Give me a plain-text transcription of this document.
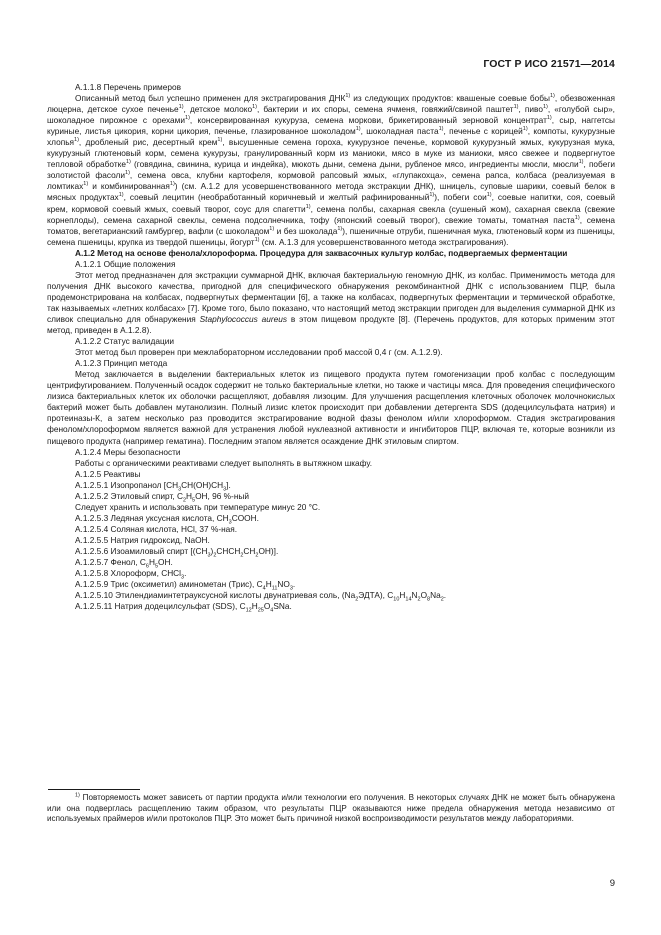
ГОСТ Р ИСО 21571—2014

А.1.1.8 Перечень примеров

Описанный метод был успешно применен для экстрагирования ДНК$^{1)}$ из следующих продуктов: квашеные соевые бобы$^{1)}$, обезвоженная люцерна, детское сухое печенье$^{1)}$, детское молоко$^{1)}$, бактерии и их споры, семена ячменя, говяжий/свиной паштет$^{1)}$, пиво$^{1)}$, «голубой сыр», шоколадное пирожное с орехами$^{1)}$, консервированная кукуруза, семена моркови, брикетированный зерновой концентрат$^{1)}$, сыр, наггетсы куриные, листья цикория, корни цикория, печенье, глазированное шоколадом$^{1)}$, шоколадная паста$^{1)}$, печенье с корицей$^{1)}$, компоты, кукурузные хлопья$^{1)}$, дробленый рис, десертный крем$^{1)}$, высушенные семена гороха, кукурузное печенье, кормовой кукурузный жмых, кукурузная мука, кукурузный глютеновый корм, семена кукурузы, гранулированный корм из маниоки, мясо в муке из маниоки, мясо свежее и подвергнутое тепловой обработке$^{1)}$ (говядина, свинина, курица и индейка), мюкоть дыни, семена дыни, рубленое мясо, ингредиенты мюсли, мюсли$^{1)}$, побеги золотистой фасоли$^{1)}$, семена овса, клубни картофеля, кормовой рапсовый жмых, «глупакохца», семена рапса, колбаса (реализуемая в ломтиках$^{1)}$ и комбинированная$^{1)}$) (см. А.1.2 для усовершенствованного метода экстракции ДНК), шницель, суповые шарики, соевый белок в мясных продуктах$^{1)}$, соевый лецитин (необработанный коричневый и желтый рафинированный$^{1)}$), побеги сои$^{1)}$, соевые напитки, соя, соевый крем, кормовой соевый жмых, соевый творог, соус для спагетти$^{1)}$, семена полбы, сахарная свекла (сушеный жом), сахарная свекла (свежие корнеплоды), семена сахарной свеклы, семена подсолнечника, тофу (японский соевый творог), свежие томаты, томатная паста$^{1)}$, семена томатов, вегетарианский гамбургер, вафли (с шоколадом$^{1)}$ и без шоколада$^{1)}$), пшеничные отруби, пшеничная мука, глютеновый корм из пшеницы, семена пшеницы, крупка из твердой пшеницы, йогурт$^{1)}$ (см. А.1.3 для усовершенствованного метода экстрагирования).

А.1.2 Метод на основе фенола/хлороформа. Процедура для заквасочных культур колбас, подвергаемых ферментации

А.1.2.1 Общие положения

Этот метод предназначен для экстракции суммарной ДНК, включая бактериальную геномную ДНК, из колбас. Применимость метода для получения ДНК высокого качества, пригодной для специфического обнаружения рекомбинантной ДНК с использованием ПЦР, была продемонстрирована на колбасах, подвергнутых ферментации [6], а также на колбасах, подвергнутых ферментации и термической обработке, так называемых «летних колбасах» [7]. Кроме того, было показано, что настоящий метод экстракции пригоден для выделения суммарной ДНК из сливок специально для обнаружения Staphylococcus aureus в этом пищевом продукте [8]. (Перечень продуктов, для которых применим этот метод, приведен в А.1.2.8).

А.1.2.2 Статус валидации

Этот метод был проверен при межлабораторном исследовании проб массой 0,4 г (см. А.1.2.9).

А.1.2.3 Принцип метода

Метод заключается в выделении бактериальных клеток из пищевого продукта путем гомогенизации проб колбас с последующим центрифугированием. Полученный осадок содержит не только бактериальные клетки, но также и частицы мяса. Для проведения специфического лизиса бактериальных клеток их оболочки расщепляют, добавляя лизоцим. Для улучшения расщепления клеточных оболочек молочнокислых бактерий может быть добавлен мутанолизин. Полный лизис клеток происходит при добавлении детергента SDS (додецилсульфата натрия) и протеиназы-К, а затем несколько раз проводится экстрагирование водной фазы фенолом и/или хлороформом. Стадия экстрагирования фенолом/хлороформом является важной для устранения любой нуклеазной активности и ингибиторов ПЦР, включая те, которые возникли из пищевого продукта (например гематина). Последним этапом является осаждение ДНК этиловым спиртом.

А.1.2.4 Меры безопасности

Работы с органическими реактивами следует выполнять в вытяжном шкафу.

А.1.2.5 Реактивы

А.1.2.5.1 Изопропанол $[CH_3CH(OH)CH_3]$.

А.1.2.5.2 Этиловый спирт, $C_2H_5OH$, 96 %-ный

Следует хранить и использовать при температуре минус 20 °С.

А.1.2.5.3 Ледяная уксусная кислота, $CH_3COOH$.

А.1.2.5.4 Соляная кислота, HCl, 37 %-ная.

А.1.2.5.5 Натрия гидроксид, NaOH.

А.1.2.5.6 Изоамиловый спирт $[(CH_3)_2CHCH_2CH_2OH)$].

А.1.2.5.7 Фенол, $C_6H_5OH$.

А.1.2.5.8 Хлороформ, CHCl$_3$.

А.1.2.5.9 Трис (оксиметил) аминометан (Трис), $C_4H_{11}NO_3$.

А.1.2.5.10 Этилендиаминтетрауксусной кислоты двунатриевая соль, $(Na_2ЭДТА)$, $C_{10}H_{14}N_2O_8Na_2$.

А.1.2.5.11 Натрия додецилсульфат (SDS), $C_{12}H_{25}O_4SNa$.

$^{1)}$ Повторяемость может зависеть от партии продукта и/или технологии его получения. В некоторых случаях ДНК не может быть обнаружена или она подверглась расщеплению таким образом, что результаты ПЦР оказываются ниже предела обнаружения метода независимо от используемых праймеров и/или протоколов ПЦР. Это может быть причиной низкой воспроизводимости результатов между лабораториями.

9
